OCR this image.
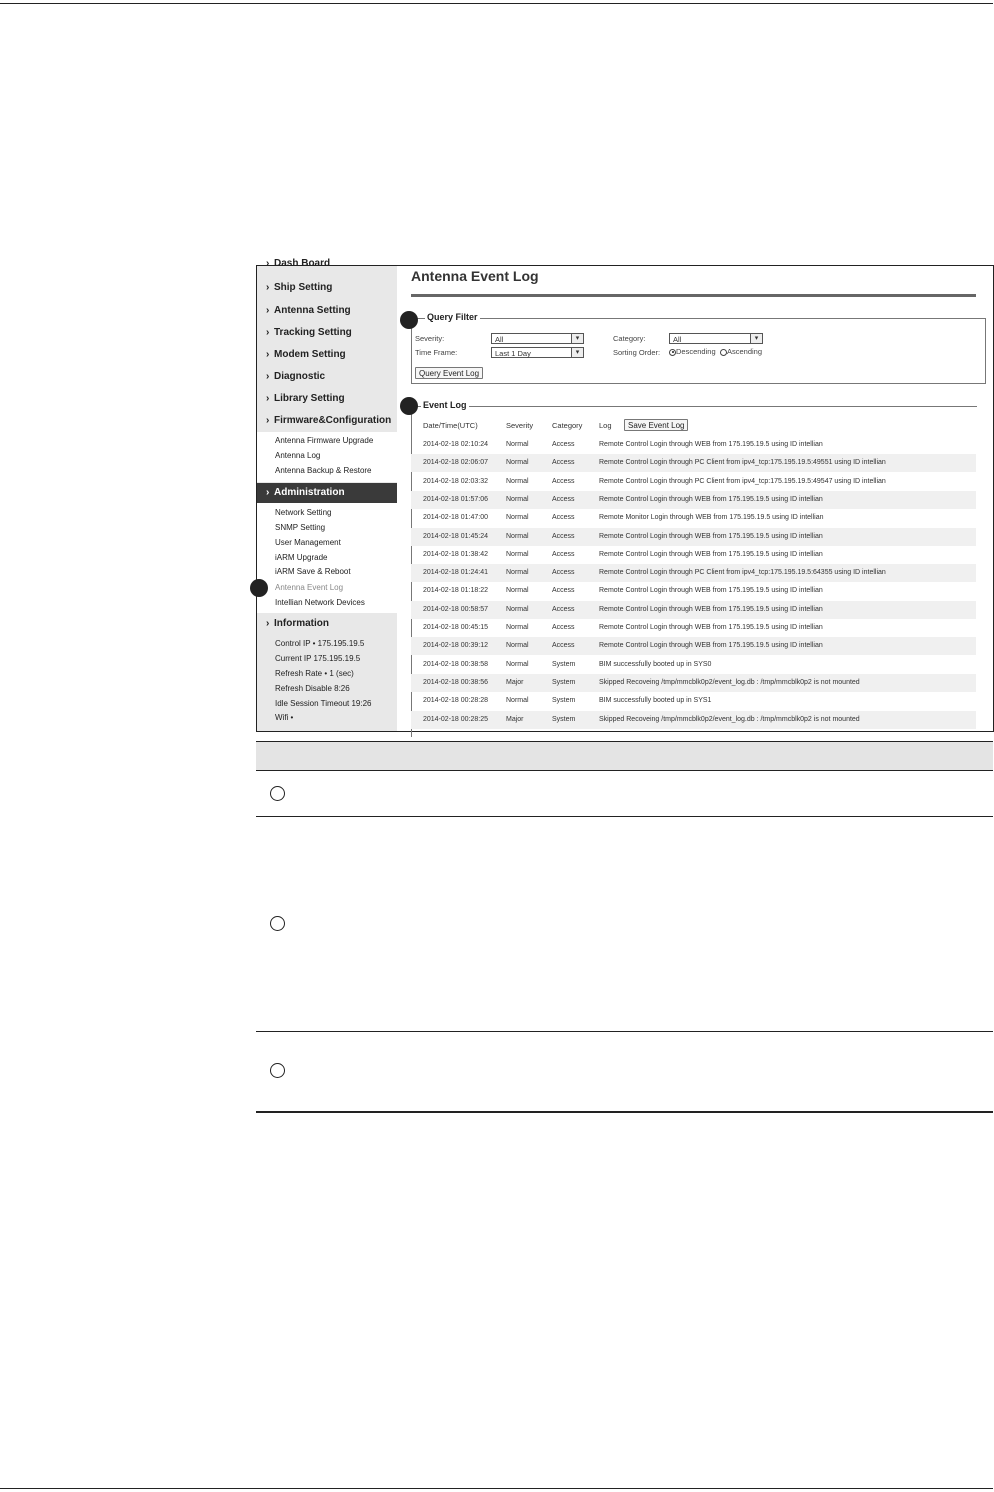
› Dash Board
› Ship Setting
› Antenna Setting
› Tracking Setting
› Modem Setting
› Diagnostic
› Library Setting
› Firmware&Configuration
Antenna Firmware Upgrade
Antenna Log
Antenna Backup & Restore
› Administration
Network Setting
SNMP Setting
User Management
iARM Upgrade
iARM Save & Reboot
Antenna Event Log
Intellian Network Devices
› Information
Control IP • 175.195.19.5
Current IP 175.195.19.5
Refresh Rate • 1 (sec)
Refresh Disable 8:26
Idle Session Timeout 19:26
Wifi •
Antenna Event Log
Query Filter
Severity:	All	▾	Category:	All	▾
Time Frame:	Last 1 Day	▾	Sorting Order:	Descending	Ascending
Query Event Log
Event Log
Date/Time(UTC)	Severity	Category Log	Save Event Log
2014-02-18 02:10:24	Normal	Access	Remote Control Login through WEB from 175.195.19.5 using ID intellian
2014-02-18 02:06:07	Normal	Access	Remote Control Login through PC Client from ipv4_tcp:175.195.19.5:49551 using ID intellian
2014-02-18 02:03:32	Normal	Access	Remote Control Login through PC Client from ipv4_tcp:175.195.19.5:49547 using ID intellian
2014-02-18 01:57:06	Normal	Access	Remote Control Login through WEB from 175.195.19.5 using ID intellian
2014-02-18 01:47:00	Normal	Access	Remote Monitor Login through WEB from 175.195.19.5 using ID intellian
2014-02-18 01:45:24	Normal	Access	Remote Control Login through WEB from 175.195.19.5 using ID intellian
2014-02-18 01:38:42	Normal	Access	Remote Control Login through WEB from 175.195.19.5 using ID intellian
2014-02-18 01:24:41	Normal	Access	Remote Control Login through PC Client from ipv4_tcp:175.195.19.5:64355 using ID intellian
2014-02-18 01:18:22	Normal	Access	Remote Control Login through WEB from 175.195.19.5 using ID intellian
2014-02-18 00:58:57	Normal	Access	Remote Control Login through WEB from 175.195.19.5 using ID intellian
2014-02-18 00:45:15	Normal	Access	Remote Control Login through WEB from 175.195.19.5 using ID intellian
2014-02-18 00:39:12	Normal	Access	Remote Control Login through WEB from 175.195.19.5 using ID intellian
2014-02-18 00:38:58	Normal	System	BIM successfully booted up in SYS0
2014-02-18 00:38:56	Major	System	Skipped Recoveing /tmp/mmcblk0p2/event_log.db : /tmp/mmcblk0p2 is not mounted
2014-02-18 00:28:28	Normal	System	BIM successfully booted up in SYS1
2014-02-18 00:28:25	Major	System	Skipped Recoveing /tmp/mmcblk0p2/event_log.db : /tmp/mmcblk0p2 is not mounted
